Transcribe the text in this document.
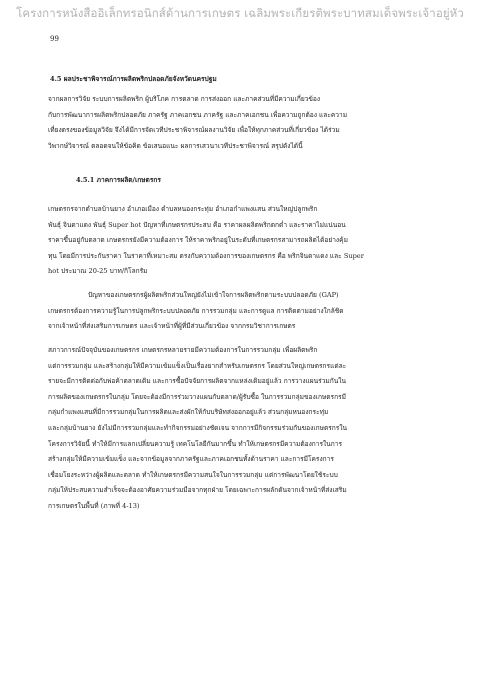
โครงการหนังสืออิเล็กทรอนิกส์ด้านการเกษตร เฉลิมพระเกียรติพระบาทสมเด็จพระเจ้าอยู่หัว
99
4.5 ผลประชาพิจารณ์การผลิตพริกปลอดภัยจังหวัดนครปฐม
จากผลการวิจัย ระบบการผลิตพริก ผู้บริโภค การตลาด การส่งออก และภาคส่วนที่มีความเกี่ยวข้อง
กับการพัฒนาการผลิตพริกปลอดภัย ภาครัฐ ภาคเอกชน ภาครัฐ และภาคเอกชน เพื่อความถูกต้อง และความ
เที่ยงตรงของข้อมูลวิจัย จึงได้มีการจัดเวทีประชาพิจารณ์ผลงานวิจัย เพื่อให้ทุกภาคส่วนที่เกี่ยวข้อง ได้ร่วม
วิพากษ์วิจารณ์ ตลอดจนให้ข้อคิด ข้อเสนอแนะ ผลการเสวนาเวทีประชาพิจารณ์ สรุปดังได้นี้
4.5.1 ภาคการผลิต/เกษตรกร
เกษตรกรจากตำบลบ้านยาง อำเภอเมือง ตำบลหนองกระทุ่ม อำเภอกำแพงแสน ส่วนใหญ่ปลูกพริก
พันธุ์ จินดาแดง พันธุ์ Super hot ปัญหาที่เกษตรกรประสบ คือ ราคาผลผลิตพริกตกต่ำ และราคาไม่แน่นอน
ราคาขึ้นอยู่กับตลาด เกษตรกรยังมีความต้องการ ให้ราคาพริกอยู่ในระดับที่เกษตรกรสามารถผลิตได้อย่างคุ้ม
ทุน โดยมีการประกันราคา ในราคาที่เหมาะสม ตรงกับความต้องการของเกษตรกร คือ พริกจินดาแดง และ Super
hot ประมาณ 20-25 บาท/กิโลกรัม
ปัญหาของเกษตรกรผู้ผลิตพริกส่วนใหญ่ยังไม่เข้าใจการผลิตพริกตามระบบปลอดภัย (GAP)
เกษตรกรต้องการความรู้ในการปลูกพริกระบบปลอดภัย การรวมกลุ่ม และการดูแล การติดตามอย่างใกล้ชิด
จากเจ้าหน้าที่ส่งเสริมการเกษตร และเจ้าหน้าที่ผู้ที่มีส่วนเกี่ยวข้อง จากกรมวิชาการเกษตร
สภาวการณ์ปัจจุบันของเกษตรกร เกษตรกรหลายรายมีความต้องการในการรวมกลุ่ม เพื่อผลิตพริก
แต่การรวมกลุ่ม และสร้างกลุ่มให้มีความเข้มแข็งเป็นเรื่องยากสำหรับเกษตรกร โดยส่วนใหญ่เกษตรกรแต่ละ
รายจะมีการติดต่อกับพ่อค้าตลาดเดิม และการซื้อปัจจัยการผลิตจากแหล่งเดิมอยู่แล้ว การวางแผนร่วมกันใน
การผลิตของเกษตรกรในกลุ่ม โดยจะต้องมีการร่วมวางแผนกับตลาด/ผู้รับซื้อ ในการรวมกลุ่มของเกษตรกรมี
กลุ่มกำแพงแสนที่มีการรวมกลุ่มในการผลิตและส่งผักให้กับบริษัทส่งออกอยู่แล้ว ส่วนกลุ่มหนองกระทุ่ม
และกลุ่มบ้านยาง ยังไม่มีการรวมกลุ่มและทำกิจกรรมอย่างชัดเจน จากการมีกิจกรรมร่วมกันของเกษตรกรใน
โครงการวิจัยนี้ ทำให้มีการแลกเปลี่ยนความรู้ เทคโนโลยีกันมากขึ้น ทำให้เกษตรกรมีความต้องการในการ
สร้างกลุ่มให้มีความเข้มแข็ง และจากข้อมูลจากภาครัฐและภาคเอกชนทั้งด้านราคา และการมีโครงการ
เชื่อมโยงระหว่างผู้ผลิตและตลาด ทำให้เกษตรกรมีความสนใจในการรวมกลุ่ม แต่การพัฒนาโดยใช้ระบบ
กลุ่มให้ประสบความสำเร็จจะต้องอาศัยความร่วมมือจากทุกฝ่าย โดยเฉพาะการผลักดันจากเจ้าหน้าที่ส่งเสริม
การเกษตรในพื้นที่ (ภาพที่ 4-13)
